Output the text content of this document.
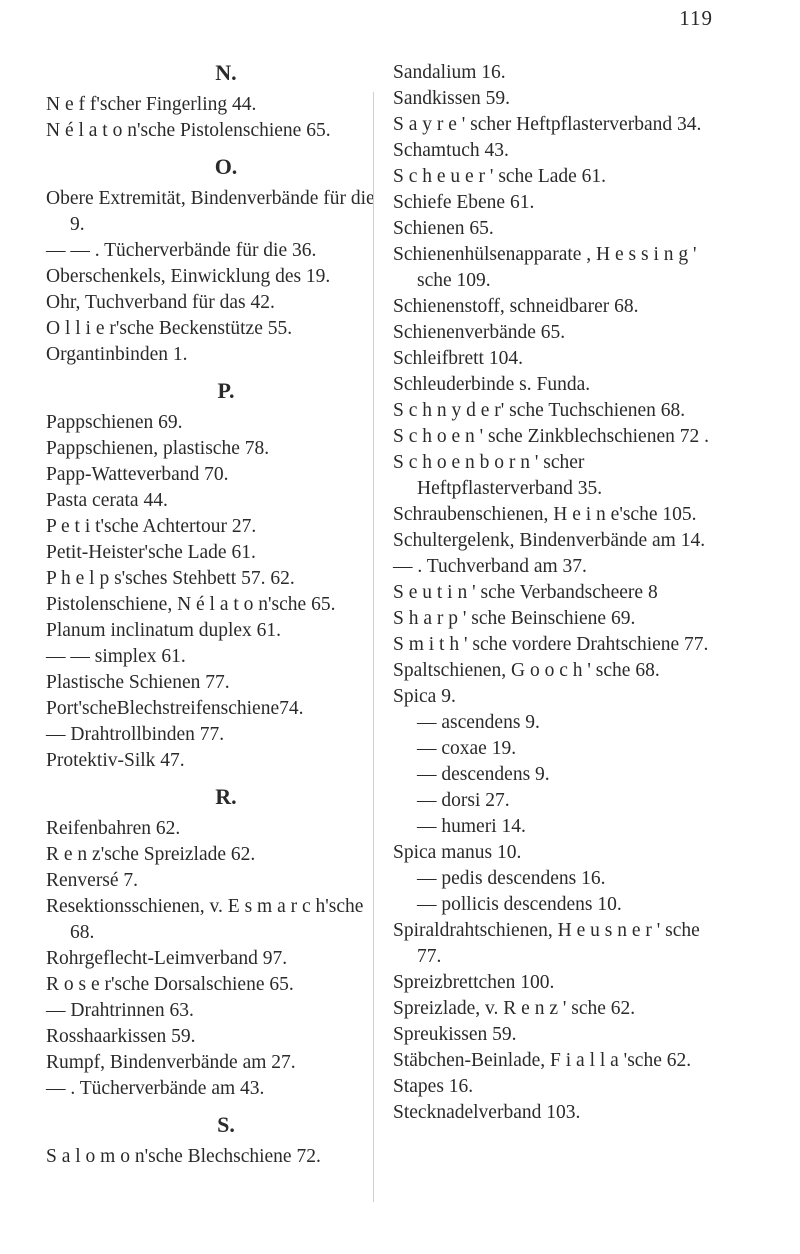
119
N.
N e f f'scher Fingerling 44.
N é l a t o n'sche Pistolenschiene 65.
O.
Obere Extremität, Bindenverbände für die 9.
— — . Tücherverbände für die 36.
Oberschenkels, Einwicklung des 19.
Ohr, Tuchverband für das 42.
O l l i e r'sche Beckenstütze 55.
Organtinbinden 1.
P.
Pappschienen 69.
Pappschienen, plastische 78.
Papp-Watteverband 70.
Pasta cerata 44.
P e t i t'sche Achtertour 27.
Petit-Heister'sche Lade 61.
P h e l p s'sches Stehbett 57. 62.
Pistolenschiene, N é l a t o n'sche 65.
Planum inclinatum duplex 61.
— — simplex 61.
Plastische Schienen 77.
Port'scheBlechstreifenschiene74.
— Drahtrollbinden 77.
Protektiv-Silk 47.
R.
Reifenbahren 62.
R e n z'sche Spreizlade 62.
Renversé 7.
Resektionsschienen, v. E s m a r c h'sche 68.
Rohrgeflecht-Leimverband 97.
R o s e r'sche Dorsalschiene 65.
— Drahtrinnen 63.
Rosshaarkissen 59.
Rumpf, Bindenverbände am 27.
— . Tücherverbände am 43.
S.
S a l o m o n'sche Blechschiene 72.
Sandalium 16.
Sandkissen 59.
S a y r e ' scher Heftpflasterverband 34.
Schamtuch 43.
S c h e u e r ' sche Lade 61.
Schiefe Ebene 61.
Schienen 65.
Schienenhülsenapparate , H e s s i n g ' sche 109.
Schienenstoff, schneidbarer 68.
Schienenverbände 65.
Schleifbrett 104.
Schleuderbinde s. Funda.
S c h n y d e r' sche Tuchschienen 68.
S c h o e n ' sche Zinkblechschienen 72 .
S c h o e n b o r n ' scher Heftpflasterverband 35.
Schraubenschienen, H e i n e'sche 105.
Schultergelenk, Bindenverbände am 14.
— . Tuchverband am 37.
S e u t i n ' sche Verbandscheere 8
S h a r p ' sche Beinschiene 69.
S m i t h ' sche vordere Drahtschiene 77.
Spaltschienen, G o o c h ' sche 68.
Spica 9.
— ascendens 9.
— coxae 19.
— descendens 9.
— dorsi 27.
— humeri 14.
Spica manus 10.
— pedis descendens 16.
— pollicis descendens 10.
Spiraldrahtschienen, H e u s n e r ' sche 77.
Spreizbrettchen 100.
Spreizlade, v. R e n z ' sche 62.
Spreukissen 59.
Stäbchen-Beinlade, F i a l l a 'sche 62.
Stapes 16.
Stecknadelverband 103.
